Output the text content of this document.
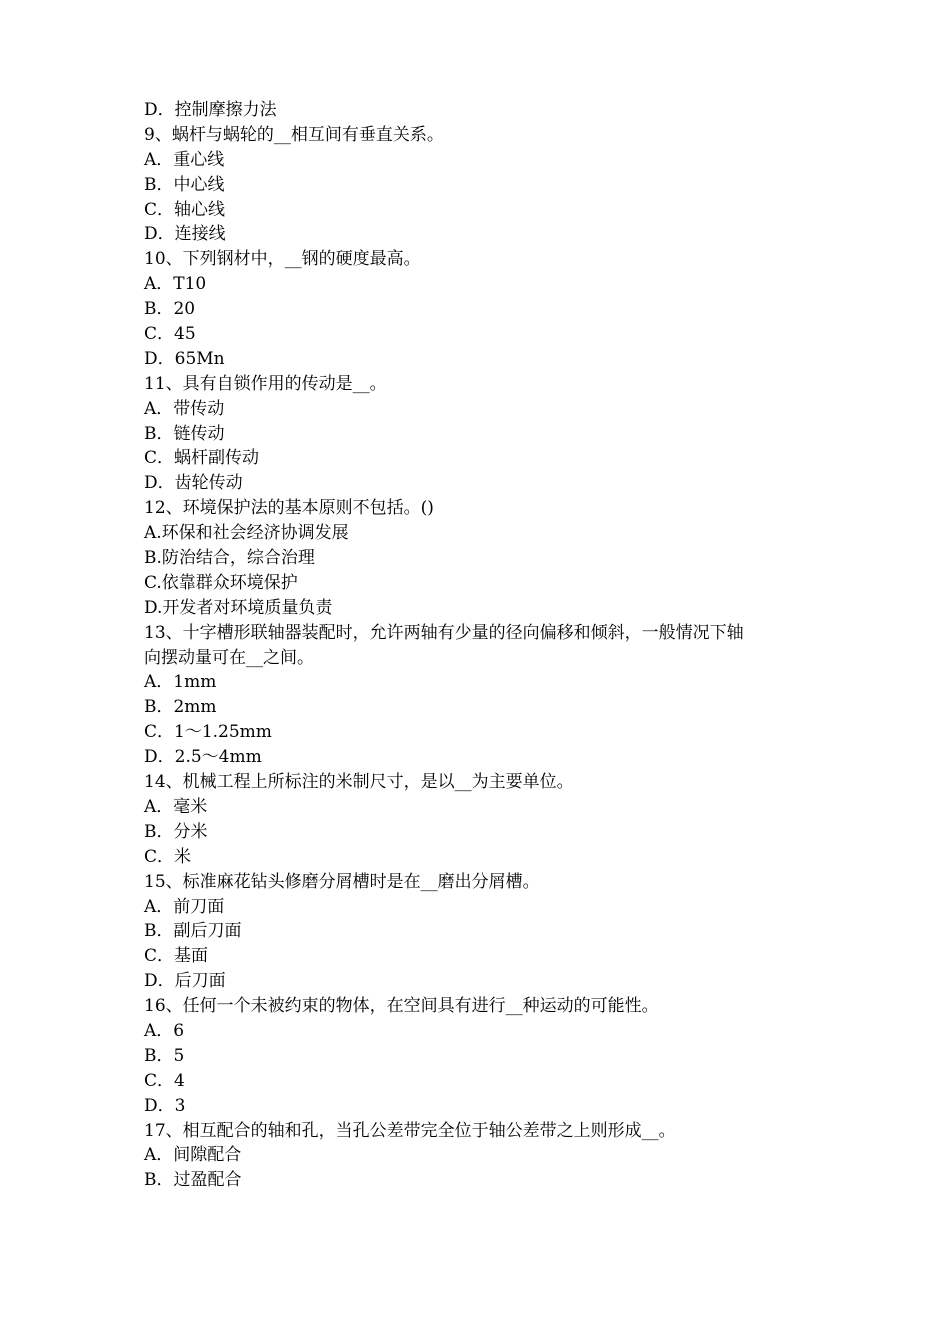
D．控制摩擦力法
9、蜗杆与蜗轮的__相互间有垂直关系。
A．重心线
B．中心线
C．轴心线
D．连接线
10、下列钢材中，__钢的硬度最高。
A．T10
B．20
C．45
D．65Mn
11、具有自锁作用的传动是__。
A．带传动
B．链传动
C．蜗杆副传动
D．齿轮传动
12、环境保护法的基本原则不包括。()
A.环保和社会经济协调发展
B.防治结合，综合治理
C.依靠群众环境保护
D.开发者对环境质量负责
13、十字槽形联轴器装配时，允许两轴有少量的径向偏移和倾斜，一般情况下轴
向摆动量可在__之间。
A．1mm
B．2mm
C．1～1.25mm
D．2.5～4mm
14、机械工程上所标注的米制尺寸，是以__为主要单位。
A．毫米
B．分米
C．米
15、标准麻花钻头修磨分屑槽时是在__磨出分屑槽。
A．前刀面
B．副后刀面
C．基面
D．后刀面
16、任何一个未被约束的物体，在空间具有进行__种运动的可能性。
A．6
B．5
C．4
D．3
17、相互配合的轴和孔，当孔公差带完全位于轴公差带之上则形成__。
A．间隙配合
B．过盈配合
